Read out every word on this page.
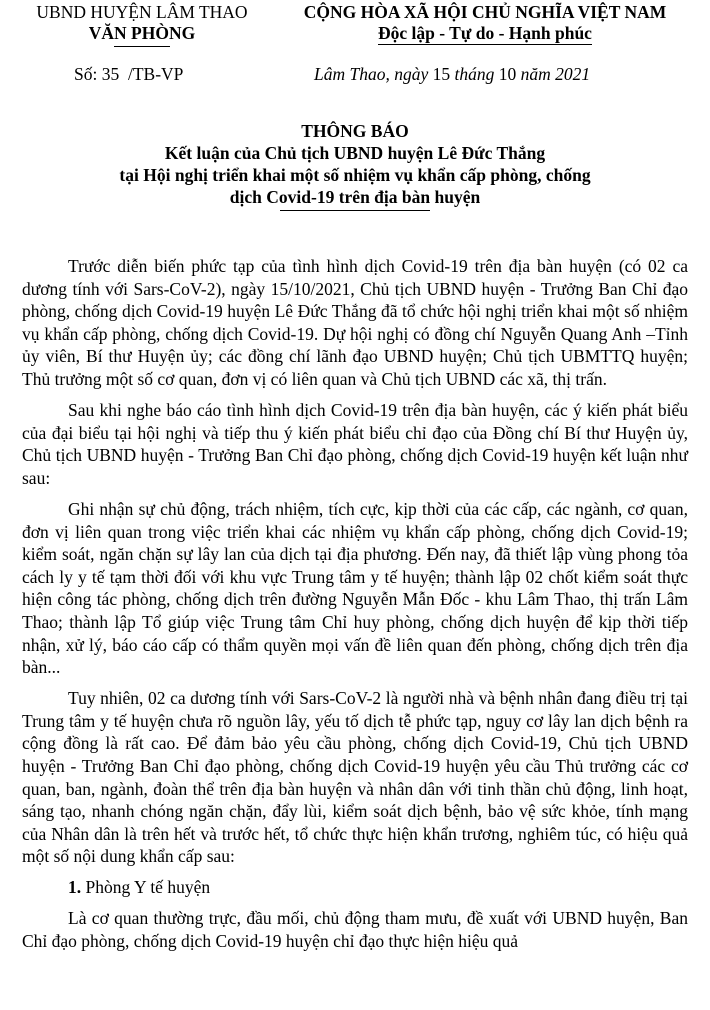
UBND HUYỆN LÂM THAO
VĂN PHÒNG
CỘNG HÒA XÃ HỘI CHỦ NGHĨA VIỆT NAM
Độc lập - Tự do - Hạnh phúc
Số: 35 /TB-VP	Lâm Thao, ngày 15 tháng 10 năm 2021
THÔNG BÁO
Kết luận của Chủ tịch UBND huyện Lê Đức Thắng
tại Hội nghị triển khai một số nhiệm vụ khẩn cấp phòng, chống
dịch Covid-19 trên địa bàn huyện

Trước diễn biến phức tạp của tình hình dịch Covid-19 trên địa bàn huyện (có 02 ca dương tính với Sars-CoV-2), ngày 15/10/2021, Chủ tịch UBND huyện - Trưởng Ban Chỉ đạo phòng, chống dịch Covid-19 huyện Lê Đức Thắng đã tổ chức hội nghị triển khai một số nhiệm vụ khẩn cấp phòng, chống dịch Covid-19. Dự hội nghị có đồng chí Nguyễn Quang Anh –Tỉnh ủy viên, Bí thư Huyện ủy; các đồng chí lãnh đạo UBND huyện; Chủ tịch UBMTTQ huyện; Thủ trưởng một số cơ quan, đơn vị có liên quan và Chủ tịch UBND các xã, thị trấn.

Sau khi nghe báo cáo tình hình dịch Covid-19 trên địa bàn huyện, các ý kiến phát biểu của đại biểu tại hội nghị và tiếp thu ý kiến phát biểu chỉ đạo của Đồng chí Bí thư Huyện ủy, Chủ tịch UBND huyện - Trưởng Ban Chỉ đạo phòng, chống dịch Covid-19 huyện kết luận như sau:

Ghi nhận sự chủ động, trách nhiệm, tích cực, kịp thời của các cấp, các ngành, cơ quan, đơn vị liên quan trong việc triển khai các nhiệm vụ khẩn cấp phòng, chống dịch Covid-19; kiểm soát, ngăn chặn sự lây lan của dịch tại địa phương. Đến nay, đã thiết lập vùng phong tỏa cách ly y tế tạm thời đối với khu vực Trung tâm y tế huyện; thành lập 02 chốt kiểm soát thực hiện công tác phòng, chống dịch trên đường Nguyễn Mẫn Đốc - khu Lâm Thao, thị trấn Lâm Thao; thành lập Tổ giúp việc Trung tâm Chỉ huy phòng, chống dịch huyện để kịp thời tiếp nhận, xử lý, báo cáo cấp có thẩm quyền mọi vấn đề liên quan đến phòng, chống dịch trên địa bàn...

Tuy nhiên, 02 ca dương tính với Sars-CoV-2 là người nhà và bệnh nhân đang điều trị tại Trung tâm y tế huyện chưa rõ nguồn lây, yếu tố dịch tễ phức tạp, nguy cơ lây lan dịch bệnh ra cộng đồng là rất cao. Để đảm bảo yêu cầu phòng, chống dịch Covid-19, Chủ tịch UBND huyện - Trưởng Ban Chỉ đạo phòng, chống dịch Covid-19 huyện yêu cầu Thủ trưởng các cơ quan, ban, ngành, đoàn thể trên địa bàn huyện và nhân dân với tinh thần chủ động, linh hoạt, sáng tạo, nhanh chóng ngăn chặn, đẩy lùi, kiểm soát dịch bệnh, bảo vệ sức khỏe, tính mạng của Nhân dân là trên hết và trước hết, tổ chức thực hiện khẩn trương, nghiêm túc, có hiệu quả một số nội dung khẩn cấp sau:

1. Phòng Y tế huyện

Là cơ quan thường trực, đầu mối, chủ động tham mưu, đề xuất với UBND huyện, Ban Chỉ đạo phòng, chống dịch Covid-19 huyện chỉ đạo thực hiện hiệu quả
